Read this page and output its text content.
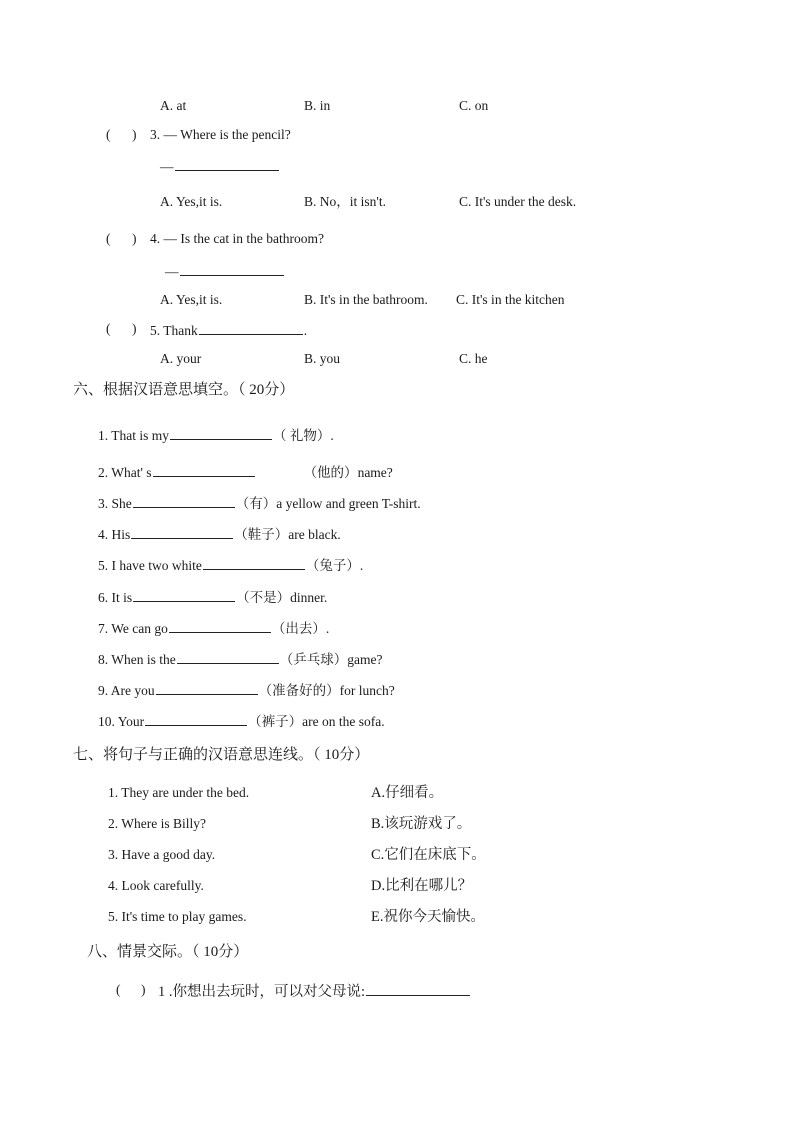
A. at	B. in	C. on
( ) 3. — Where is the pencil?
—
A. Yes,it is.	B. No，it isn't.	C. It's under the desk.
( ) 4. — Is the cat in the bathroom?
—
A. Yes,it is.	B. It's in the bathroom. C. It's in the kitchen
( ) 5. Thank	.
A. your	B. you	C. he
六、根据汉语意思填空。（ 20分）
1. That is my	（ 礼物）.
2. What' s	（他的）name?
3. She	（有）a yellow and green T-shirt.
4. His	（鞋子）are black.
5. I have two white	（兔子）.
6. It is	（不是）dinner.
7. We can go	（出去）.
8. When is the	（乒乓球）game?
9. Are you	（准备好的）for lunch?
10. Your	（裤子）are on the sofa.
七、将句子与正确的汉语意思连线。（ 10分）
1. They are under the bed.
2. Where is Billy?
3. Have a good day.
4. Look carefully.
5. It's time to play games.
A.仔细看。
B.该玩游戏了。
C.它们在床底下。
D.比利在哪儿？
E.祝你今天愉快。
八、情景交际。（ 10分）
( ) 1 .你想出去玩时，可以对父母说:
